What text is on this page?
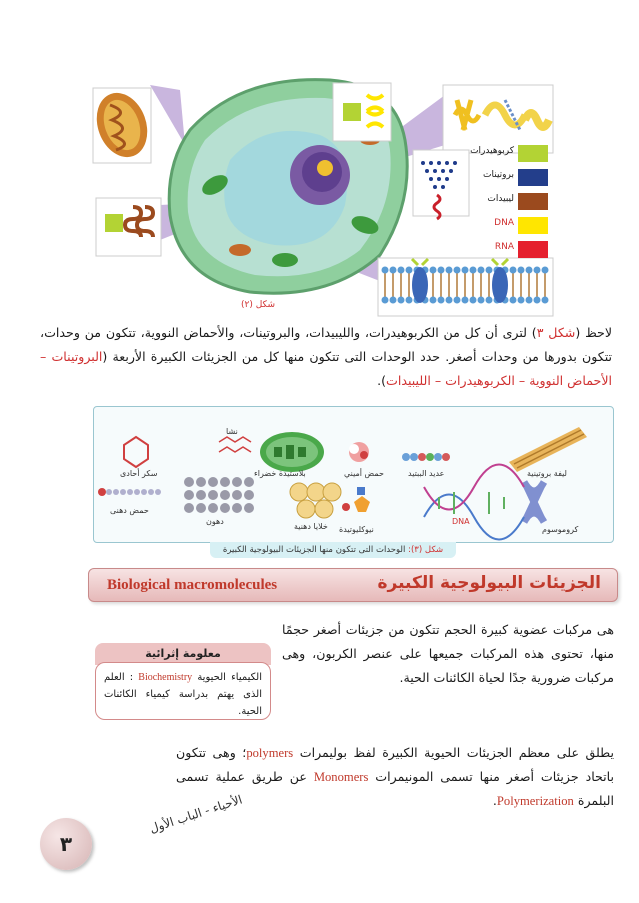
كربوهيدرات
بروتينات
ليبيدات
DNA
RNA
شكل (٢)

لاحظ (شكل ٣) لترى أن كل من الكربوهيدرات، والليبيدات، والبروتينات، والأحماض النووية، تتكون من وحدات، تتكون بدورها من وحدات أصغر. حدد الوحدات التى تتكون منها كل من الجزيئات الكبيرة الأربعة (البروتينات – الأحماض النووية – الكربوهيدرات – الليبيدات).

ليفة بروتينية
عديد الببتيد
حمض أميني
بلاستيدة خضراء
نشا
سكر أحادى
كروموسوم
DNA
نيوكليوتيدة
خلايا دهنية
دهون
حمض دهنى
شكل (٣): الوحدات التى تتكون منها الجزيئات البيولوجية الكبيرة
الجزيئات البيولوجية الكبيرة
Biological macromolecules

هى مركبات عضوية كبيرة الحجم تتكون من جزيئات أصغر حجمًا منها، تحتوى هذه المركبات جميعها على عنصر الكربون، وهى مركبات ضرورية جدًا لحياة الكائنات الحية.

معلومة إثرائية
الكيمياء الحيوية Biochemistry : العلم الذى يهتم بدراسة كيمياء الكائنات الحية.

يطلق على معظم الجزيئات الحيوية الكبيرة لفظ بوليمرات polymers؛ وهى تتكون باتحاد جزيئات أصغر منها تسمى المونيمرات Monomers عن طريق عملية تسمى البلمرة Polymerization.

٣
الأحياء - الباب الأول
